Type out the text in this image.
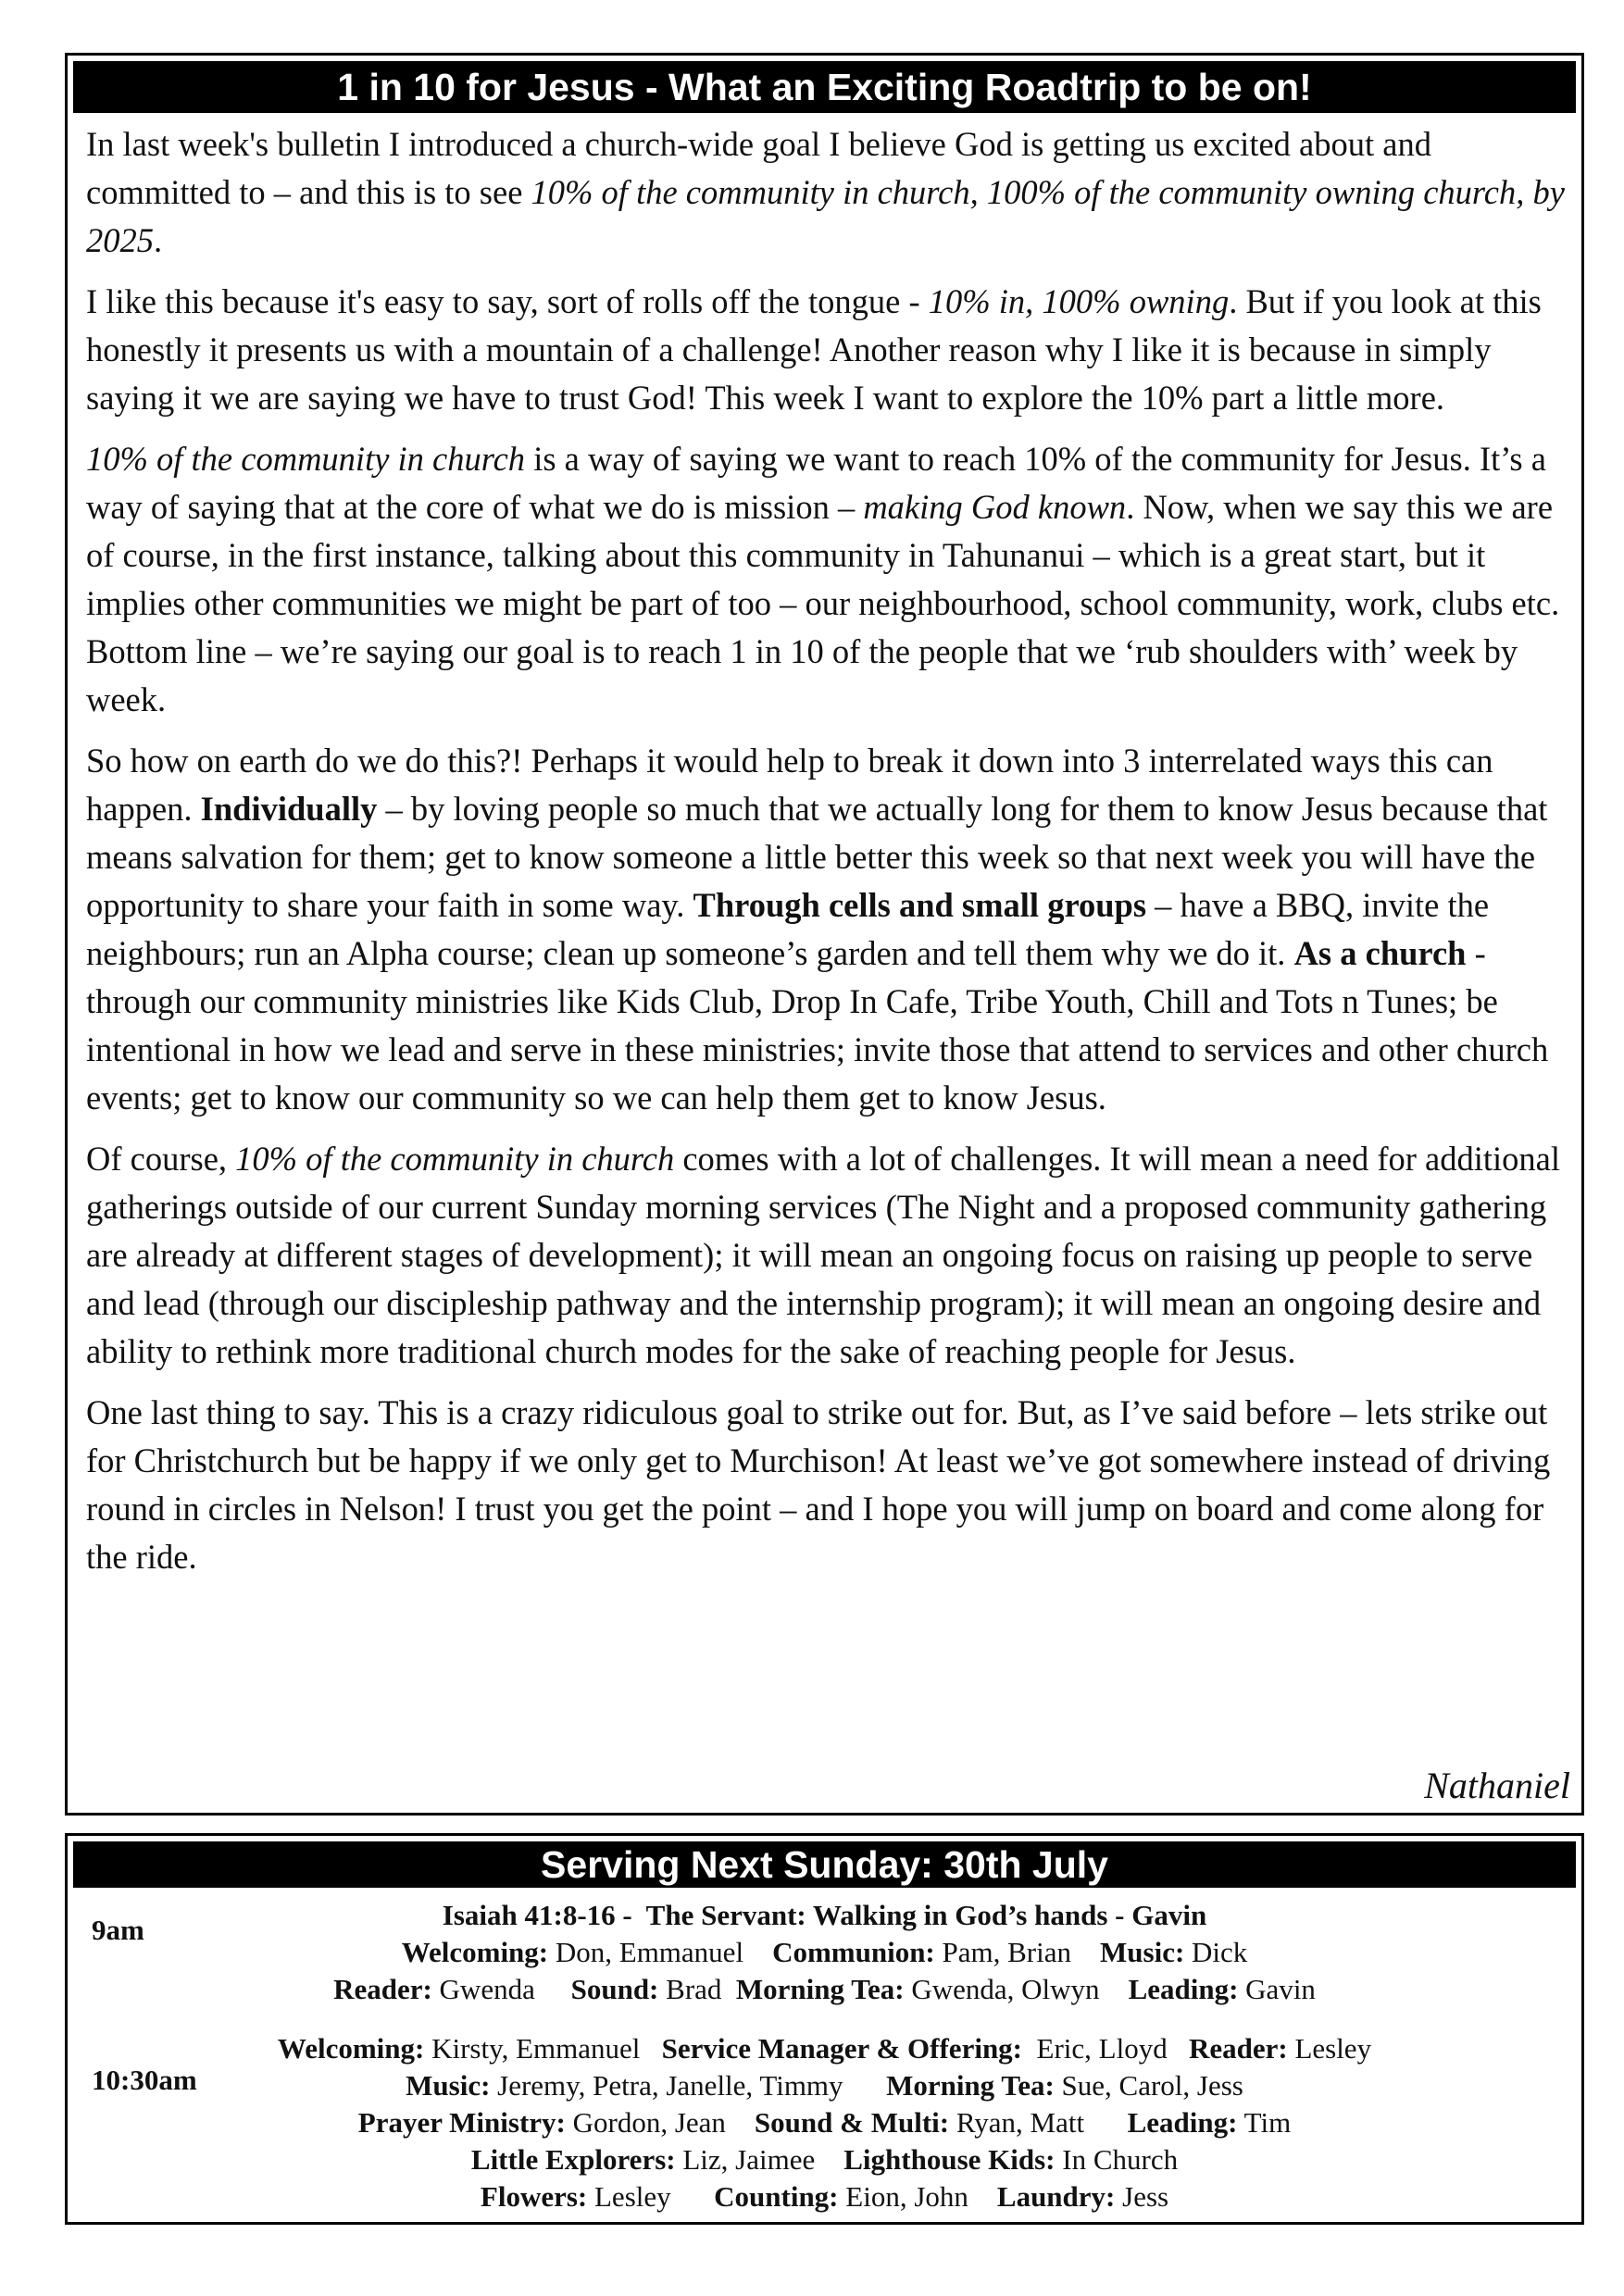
1 in 10 for Jesus - What an Exciting Roadtrip to be on!

In last week's bulletin I introduced a church-wide goal I believe God is getting us excited about and committed to – and this is to see 10% of the community in church, 100% of the community owning church, by 2025.

I like this because it's easy to say, sort of rolls off the tongue - 10% in, 100% owning. But if you look at this honestly it presents us with a mountain of a challenge! Another reason why I like it is because in simply saying it we are saying we have to trust God! This week I want to explore the 10% part a little more.

10% of the community in church is a way of saying we want to reach 10% of the community for Jesus. It’s a way of saying that at the core of what we do is mission – making God known. Now, when we say this we are of course, in the first instance, talking about this community in Tahunanui – which is a great start, but it implies other communities we might be part of too – our neighbourhood, school community, work, clubs etc. Bottom line – we’re saying our goal is to reach 1 in 10 of the people that we ‘rub shoulders with’ week by week.

So how on earth do we do this?! Perhaps it would help to break it down into 3 interrelated ways this can happen. Individually – by loving people so much that we actually long for them to know Jesus because that means salvation for them; get to know someone a little better this week so that next week you will have the opportunity to share your faith in some way. Through cells and small groups – have a BBQ, invite the neighbours; run an Alpha course; clean up someone’s garden and tell them why we do it. As a church - through our community ministries like Kids Club, Drop In Cafe, Tribe Youth, Chill and Tots n Tunes; be intentional in how we lead and serve in these ministries; invite those that attend to services and other church events; get to know our community so we can help them get to know Jesus.

Of course, 10% of the community in church comes with a lot of challenges. It will mean a need for additional gatherings outside of our current Sunday morning services (The Night and a proposed community gathering are already at different stages of development); it will mean an ongoing focus on raising up people to serve and lead (through our discipleship pathway and the internship program); it will mean an ongoing desire and ability to rethink more traditional church modes for the sake of reaching people for Jesus.

One last thing to say. This is a crazy ridiculous goal to strike out for. But, as I’ve said before – lets strike out for Christchurch but be happy if we only get to Murchison! At least we’ve got somewhere instead of driving round in circles in Nelson! I trust you get the point – and I hope you will jump on board and come along for the ride.

Nathaniel
Serving Next Sunday: 30th July
9am	Isaiah 41:8-16 -  The Servant: Walking in God’s hands - Gavin
Welcoming: Don, Emmanuel    Communion: Pam, Brian    Music: Dick
Reader: Gwenda     Sound: Brad  Morning Tea: Gwenda, Olwyn    Leading: Gavin
10:30am
Welcoming: Kirsty, Emmanuel   Service Manager & Offering:  Eric, Lloyd   Reader: Lesley
Music: Jeremy, Petra, Janelle, Timmy      Morning Tea: Sue, Carol, Jess
Prayer Ministry: Gordon, Jean    Sound & Multi: Ryan, Matt      Leading: Tim
Little Explorers: Liz, Jaimee    Lighthouse Kids: In Church
Flowers: Lesley      Counting: Eion, John    Laundry: Jess
